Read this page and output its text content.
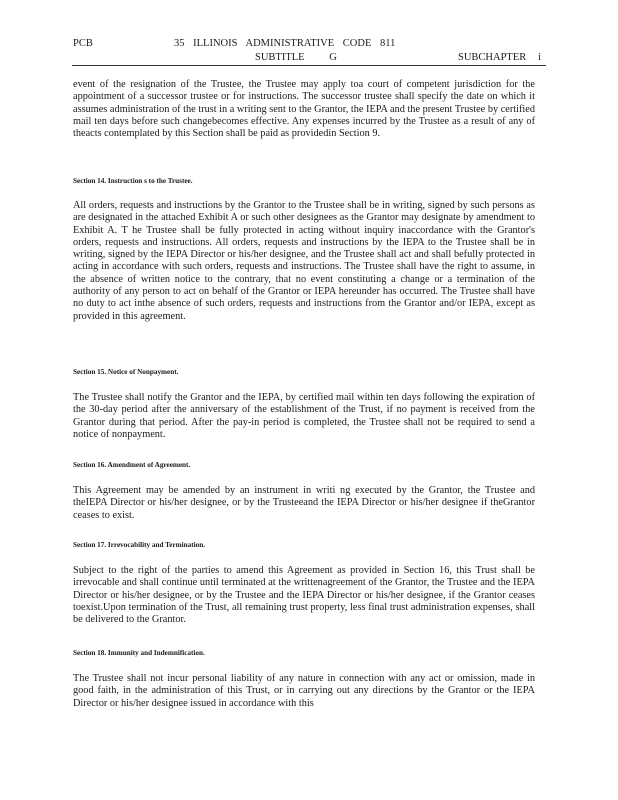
PCB	35 ILLINOIS ADMINISTRATIVE CODE 811
SUBTITLE G	SUBCHAPTER i

event of the resignation of the Trustee, the Trustee may apply toa court of competent jurisdiction for the appointment of a successor trustee or for instructions. The successor trustee shall specify the date on which it assumes administration of the trust in a writing sent to the Grantor, the IEPA and the present Trustee by certified mail ten days before such changebecomes effective. Any expenses incurred by the Trustee as a result of any of theacts contemplated by this Section shall be paid as providedin Section 9.

Section 14. Instruction s to the Trustee.

All orders, requests and instructions by the Grantor to the Trustee shall be in writing, signed by such persons as are designated in the attached Exhibit A or such other designees as the Grantor may designate by amendment to Exhibit A. T he Trustee shall be fully protected in acting without inquiry inaccordance with the Grantor's orders, requests and instructions. All orders, requests and instructions by the IEPA to the Trustee shall be in writing, signed by the IEPA Director or his/her designee, and the Trustee shall act and shall befully protected in acting in accordance with such orders, requests and instructions. The Trustee shall have the right to assume, in the absence of written notice to the contrary, that no event constituting a change or a termination of the authority of any person to act on behalf of the Grantor or IEPA hereunder has occurred. The Trustee shall have no duty to act inthe absence of such orders, requests and instructions from the Grantor and/or IEPA, except as provided in this agreement.

Section 15. Notice of Nonpayment.

The Trustee shall notify the Grantor and the IEPA, by certified mail within ten days following the expiration of the 30-day period after the anniversary of the establishment of the Trust, if no payment is received from the Grantor during that period. After the pay-in period is completed, the Trustee shall not be required to send a notice of nonpayment.

Section 16. Amendment of Agreement.

This Agreement may be amended by an instrument in writi ng executed by the Grantor, the Trustee and theIEPA Director or his/her designee, or by the Trusteeand the IEPA Director or his/her designee if theGrantor ceases to exist.

Section 17. Irrevocability and Termination.

Subject to the right of the parties to amend this Agreement as provided in Section 16, this Trust shall be irrevocable and shall continue until terminated at the writtenagreement of the Grantor, the Trustee and the IEPA Director or his/her designee, or by the Trustee and the IEPA Director or his/her designee, if the Grantor ceases toexist.Upon termination of the Trust, all remaining trust property, less final trust administration expenses, shall be delivered to the Grantor.

Section 18. Immunity and Indemnification.

The Trustee shall not incur personal liability of any nature in connection with any act or omission, made in good faith, in the administration of this Trust, or in carrying out any directions by the Grantor or the IEPA Director or his/her designee issued in accordance with this
